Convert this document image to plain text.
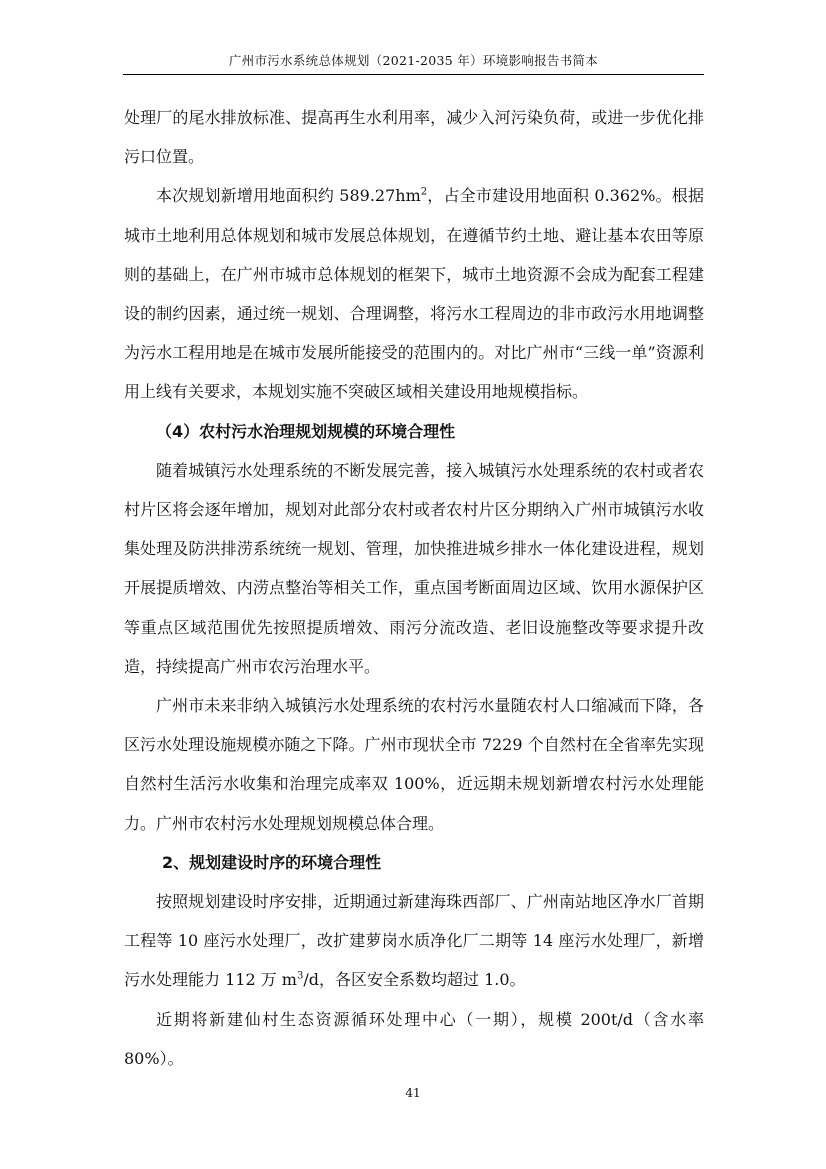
广州市污水系统总体规划（2021-2035 年）环境影响报告书简本

处理厂的尾水排放标准、提高再生水利用率，减少入河污染负荷，或进一步优化排污口位置。

本次规划新增用地面积约 $589.27hm^2$，占全市建设用地面积 0.362%。根据城市土地利用总体规划和城市发展总体规划，在遵循节约土地、避让基本农田等原则的基础上，在广州市城市总体规划的框架下，城市土地资源不会成为配套工程建设的制约因素，通过统一规划、合理调整，将污水工程周边的非市政污水用地调整为污水工程用地是在城市发展所能接受的范围内的。对比广州市“三线一单”资源利用上线有关要求，本规划实施不突破区域相关建设用地规模指标。

（4）农村污水治理规划规模的环境合理性

随着城镇污水处理系统的不断发展完善，接入城镇污水处理系统的农村或者农村片区将会逐年增加，规划对此部分农村或者农村片区分期纳入广州市城镇污水收集处理及防洪排涝系统统一规划、管理，加快推进城乡排水一体化建设进程，规划开展提质增效、内涝点整治等相关工作，重点国考断面周边区域、饮用水源保护区等重点区域范围优先按照提质增效、雨污分流改造、老旧设施整改等要求提升改造，持续提高广州市农污治理水平。

广州市未来非纳入城镇污水处理系统的农村污水量随农村人口缩减而下降，各区污水处理设施规模亦随之下降。广州市现状全市 7229 个自然村在全省率先实现自然村生活污水收集和治理完成率双 100%，近远期未规划新增农村污水处理能力。广州市农村污水处理规划规模总体合理。

2、规划建设时序的环境合理性

按照规划建设时序安排，近期通过新建海珠西部厂、广州南站地区净水厂首期工程等 10 座污水处理厂，改扩建萝岗水质净化厂二期等 14 座污水处理厂，新增污水处理能力 112 万 $m^3/d$，各区安全系数均超过 1.0。

近期将新建仙村生态资源循环处理中心（一期），规模 200t/d（含水率 80%）。

41
